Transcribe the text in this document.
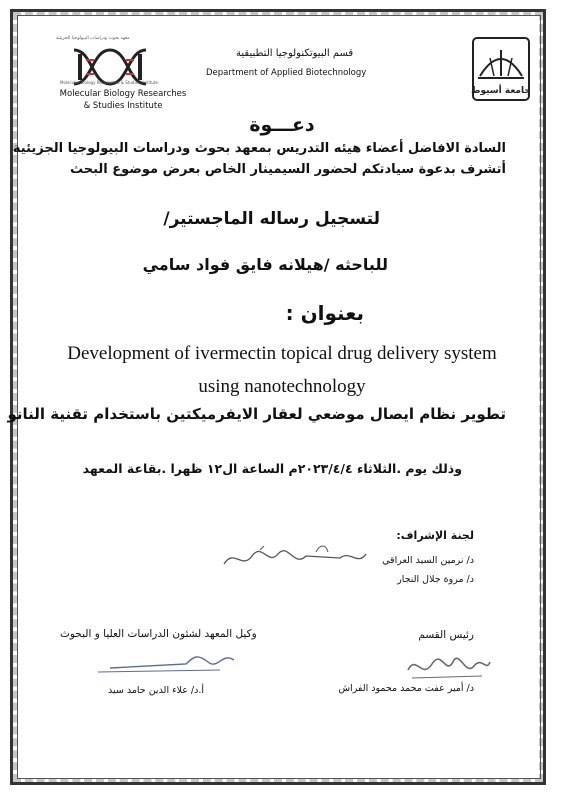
معهد بحوث ودراسات البيولوجيا الجزيئية
Molecular Biology Researches & Studies Institute
Molecular Biology Researches
& Studies Institute
قسم البيوتكنولوجيا التطبيقية
Department of Applied Biotechnology
جامعة أسيوط
دعـــوة
السادة الافاضل أعضاء هيئه التدريس بمعهد بحوث ودراسات البيولوجيا الجزيئية
أتشرف بدعوة سيادتكم لحضور السيمينار الخاص بعرض موضوع البحث
لتسجيل رساله الماجستير/
للباحثه /هيلانه فايق فواد سامي
بعنوان :
Development of ivermectin topical drug delivery system
using nanotechnology
تطوير نظام ايصال موضعي لعقار الايفرميكتين باستخدام تقنية النانو
وذلك يوم .الثلاثاء ٢٠٢٣/٤/٤م الساعة ال١٢ ظهرا .بقاعة المعهد
لجنة الإشراف:
د/ نرمين السيد العراقي
د/ مروة جلال النجار
رئيس القسم
د/ أمير عفت محمد محمود الفراش
وكيل المعهد لشئون الدراسات العليا و البحوث
أ.د/ علاء الدين حامد سيد
